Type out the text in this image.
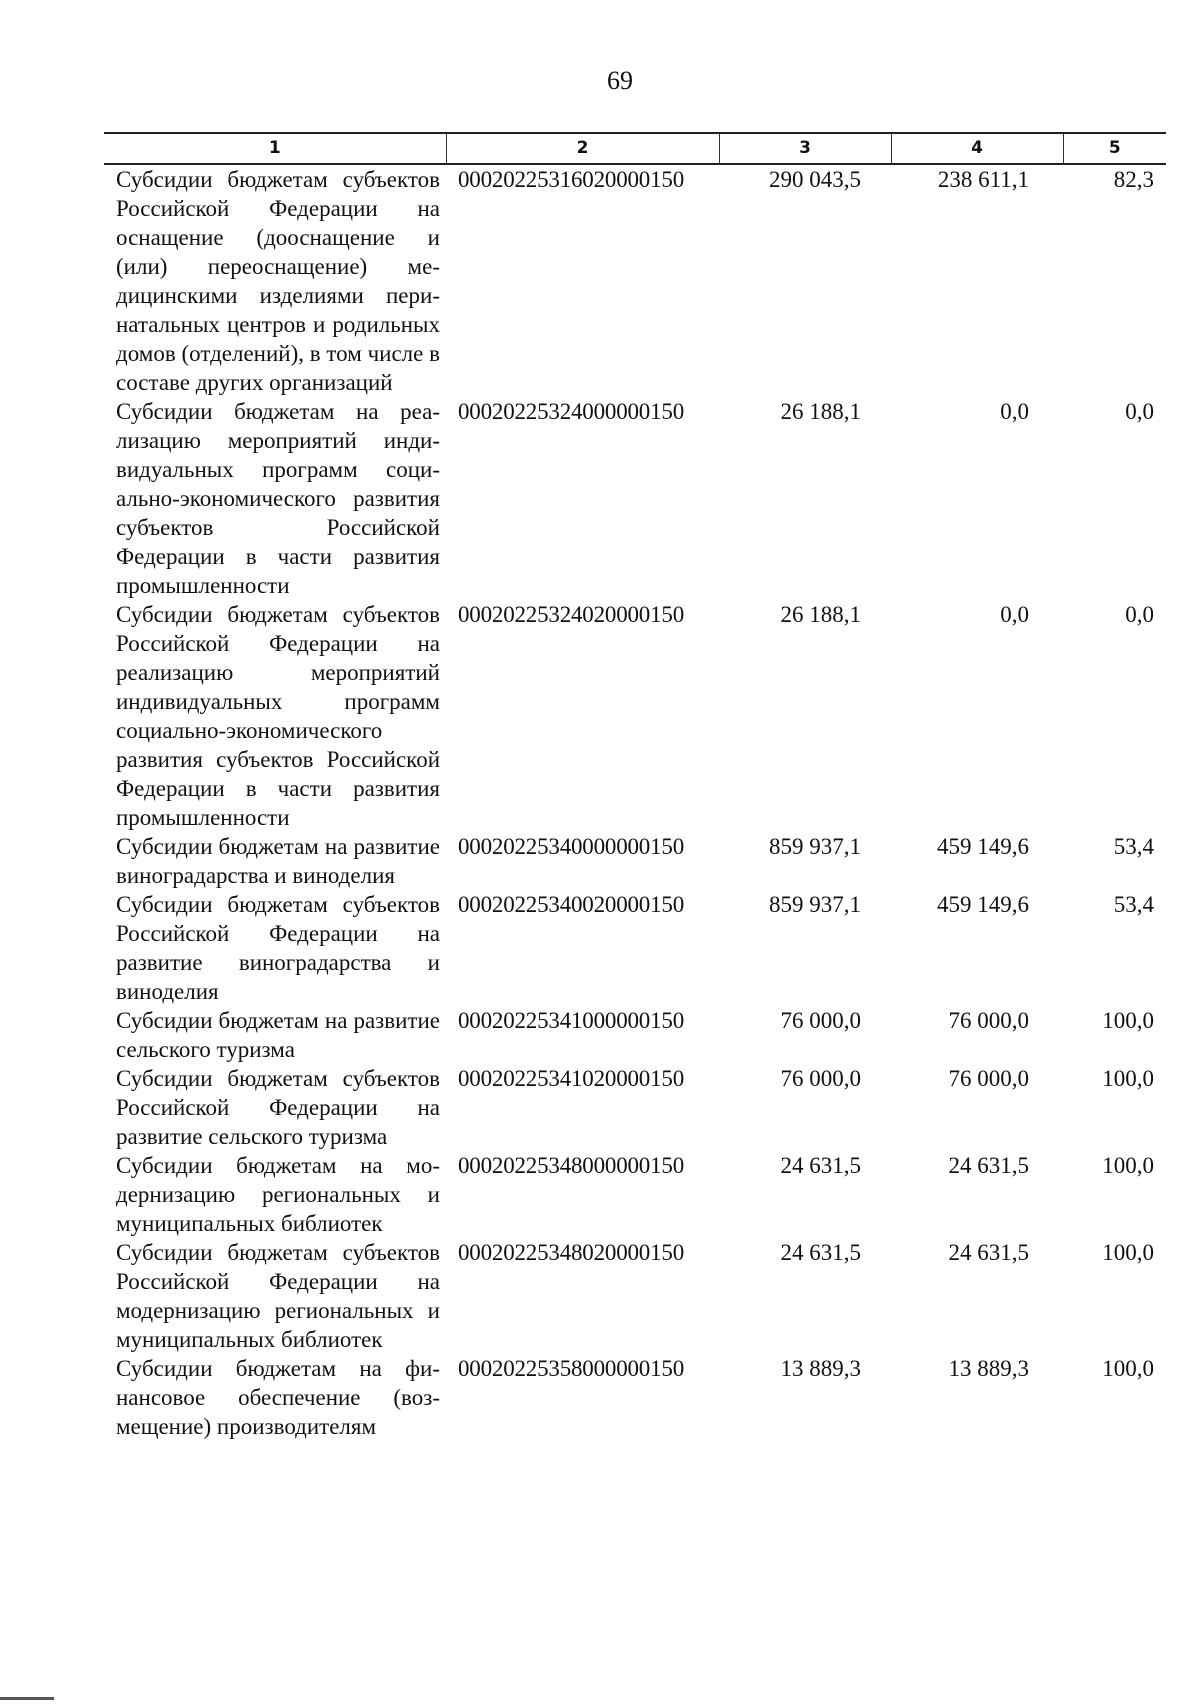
69
1	2	3	4	5
Субсидии бюджетам субъектов Российской Федерации на оснащение (дооснащение и (или) переоснащение) медицинскими изделиями перинатальных центров и родильных домов (отделений), в том числе в составе других организаций	00020225316020000150	290 043,5	238 611,1	82,3
Субсидии бюджетам на реализацию мероприятий индивидуальных программ социально-экономического развития субъектов Российской Федерации в части развития промышленности	00020225324000000150	26 188,1	0,0	0,0
Субсидии бюджетам субъектов Российской Федерации на реализацию мероприятий индивидуальных программ социально-экономического развития субъектов Российской Федерации в части развития промышленности	00020225324020000150	26 188,1	0,0	0,0
Субсидии бюджетам на развитие виноградарства и виноделия	00020225340000000150	859 937,1	459 149,6	53,4
Субсидии бюджетам субъектов Российской Федерации на развитие виноградарства и виноделия	00020225340020000150	859 937,1	459 149,6	53,4
Субсидии бюджетам на развитие сельского туризма	00020225341000000150	76 000,0	76 000,0	100,0
Субсидии бюджетам субъектов Российской Федерации на развитие сельского туризма	00020225341020000150	76 000,0	76 000,0	100,0
Субсидии бюджетам на модернизацию региональных и муниципальных библиотек	00020225348000000150	24 631,5	24 631,5	100,0
Субсидии бюджетам субъектов Российской Федерации на модернизацию региональных и муниципальных библиотек	00020225348020000150	24 631,5	24 631,5	100,0
Субсидии бюджетам на финансовое обеспечение (возмещение) производителям	00020225358000000150	13 889,3	13 889,3	100,0
